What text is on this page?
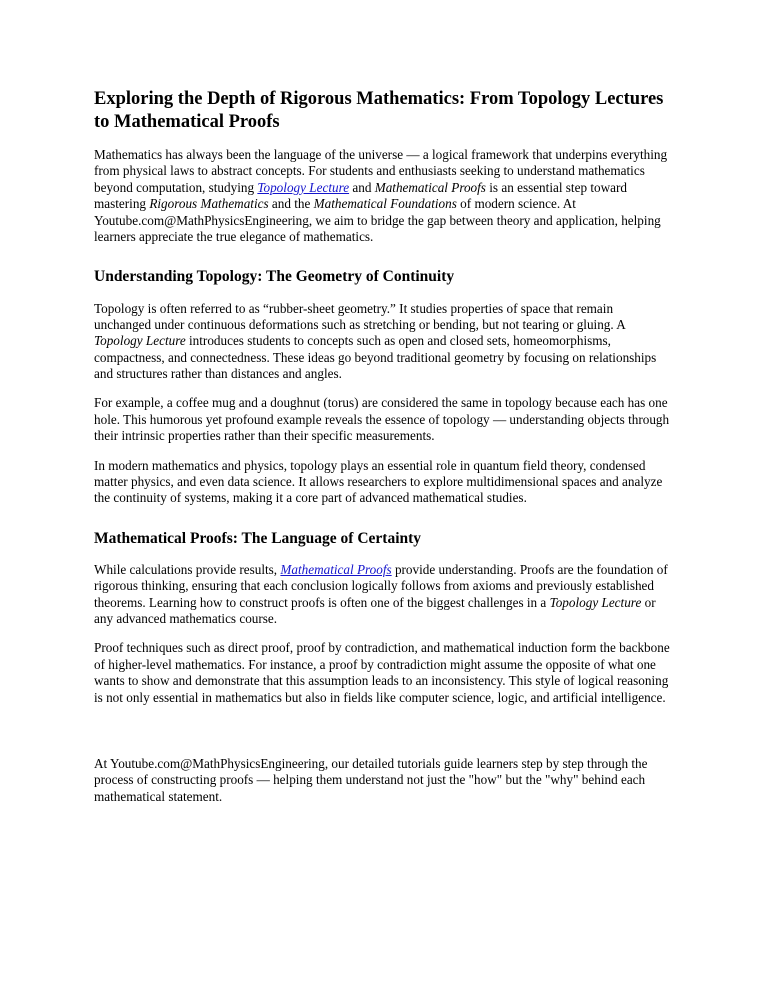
Exploring the Depth of Rigorous Mathematics: From Topology Lectures to Mathematical Proofs

Mathematics has always been the language of the universe — a logical framework that underpins everything from physical laws to abstract concepts. For students and enthusiasts seeking to understand mathematics beyond computation, studying Topology Lecture and Mathematical Proofs is an essential step toward mastering Rigorous Mathematics and the Mathematical Foundations of modern science. At Youtube.com@MathPhysicsEngineering, we aim to bridge the gap between theory and application, helping learners appreciate the true elegance of mathematics.

Understanding Topology: The Geometry of Continuity

Topology is often referred to as “rubber-sheet geometry.” It studies properties of space that remain unchanged under continuous deformations such as stretching or bending, but not tearing or gluing. A Topology Lecture introduces students to concepts such as open and closed sets, homeomorphisms, compactness, and connectedness. These ideas go beyond traditional geometry by focusing on relationships and structures rather than distances and angles.

For example, a coffee mug and a doughnut (torus) are considered the same in topology because each has one hole. This humorous yet profound example reveals the essence of topology — understanding objects through their intrinsic properties rather than their specific measurements.

In modern mathematics and physics, topology plays an essential role in quantum field theory, condensed matter physics, and even data science. It allows researchers to explore multidimensional spaces and analyze the continuity of systems, making it a core part of advanced mathematical studies.

Mathematical Proofs: The Language of Certainty

While calculations provide results, Mathematical Proofs provide understanding. Proofs are the foundation of rigorous thinking, ensuring that each conclusion logically follows from axioms and previously established theorems. Learning how to construct proofs is often one of the biggest challenges in a Topology Lecture or any advanced mathematics course.

Proof techniques such as direct proof, proof by contradiction, and mathematical induction form the backbone of higher-level mathematics. For instance, a proof by contradiction might assume the opposite of what one wants to show and demonstrate that this assumption leads to an inconsistency. This style of logical reasoning is not only essential in mathematics but also in fields like computer science, logic, and artificial intelligence.

At Youtube.com@MathPhysicsEngineering, our detailed tutorials guide learners step by step through the process of constructing proofs — helping them understand not just the "how" but the "why" behind each mathematical statement.
